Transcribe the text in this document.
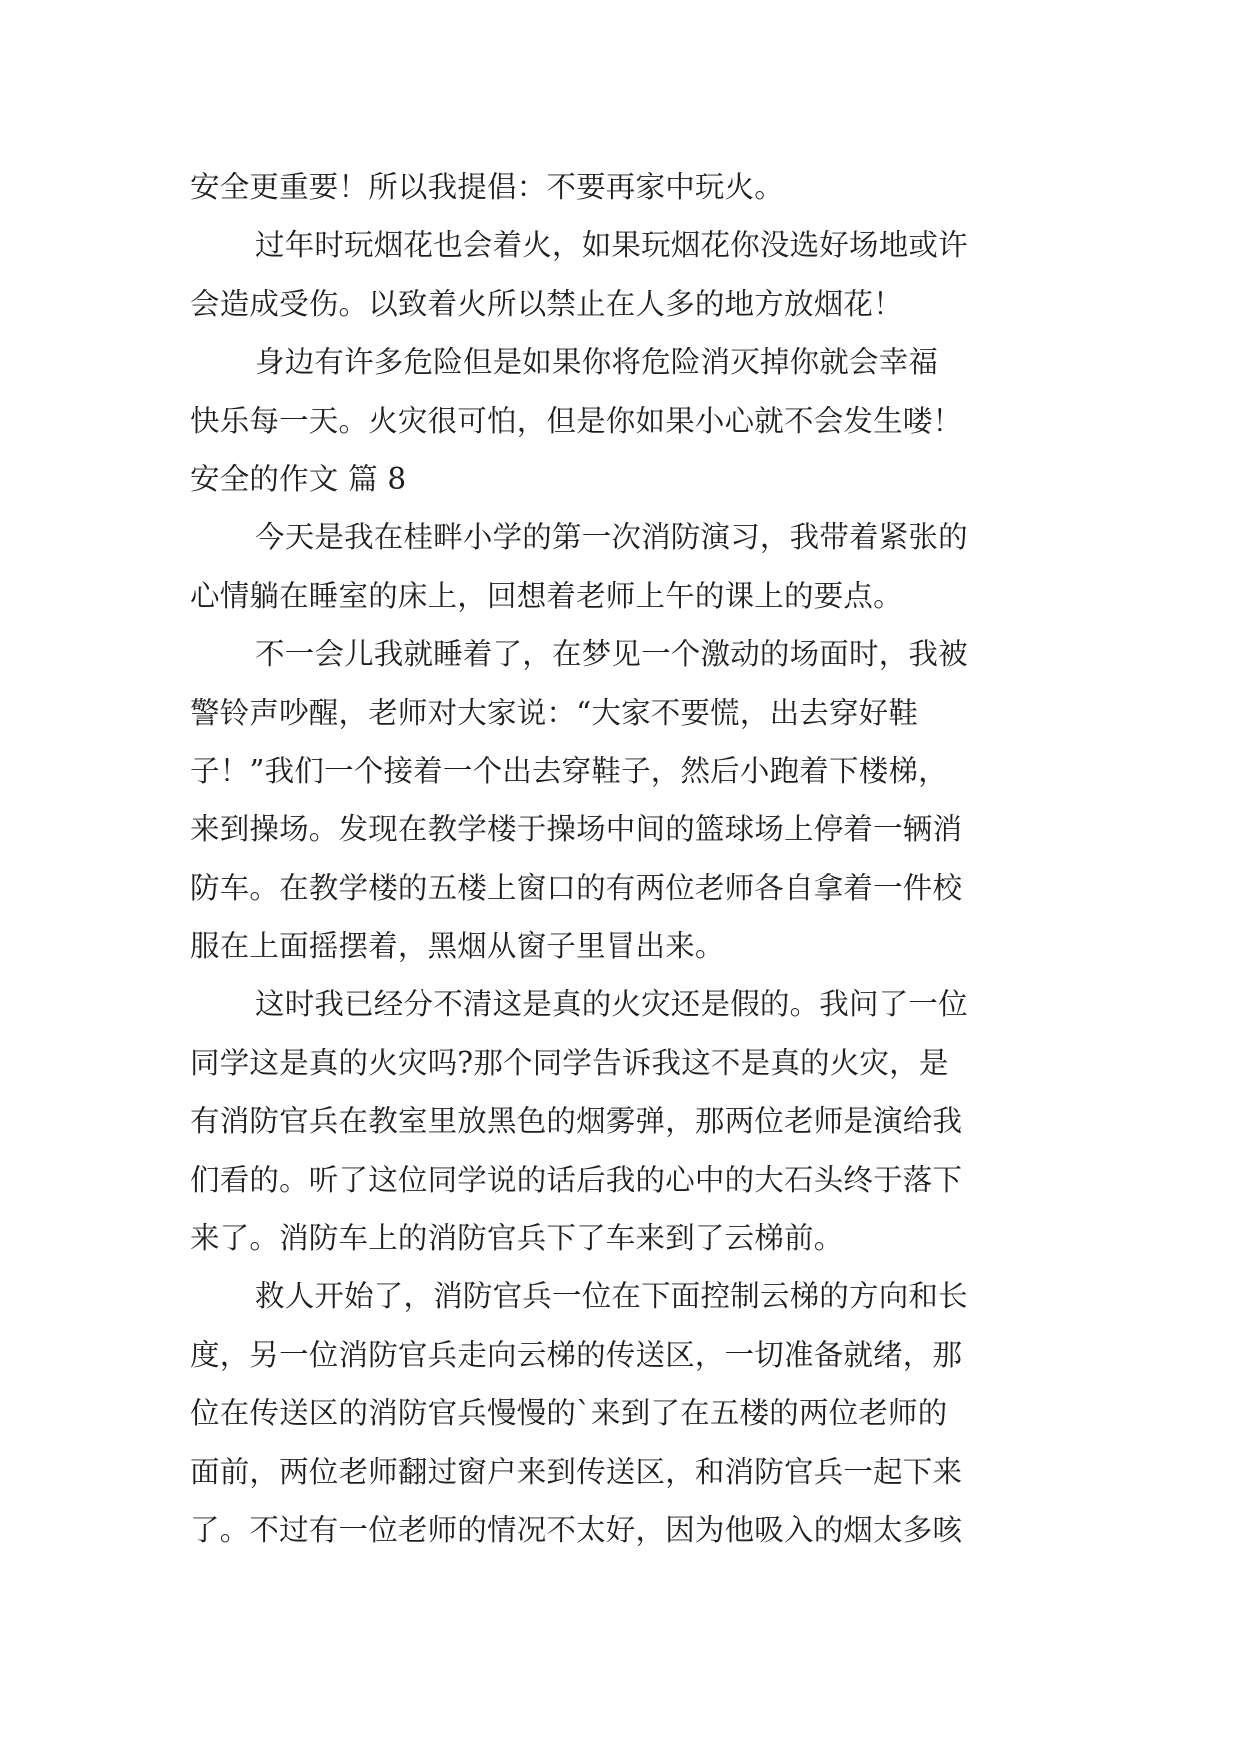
安全更重要！所以我提倡：不要再家中玩火。
过年时玩烟花也会着火，如果玩烟花你没选好场地或许
会造成受伤。以致着火所以禁止在人多的地方放烟花！
身边有许多危险但是如果你将危险消灭掉你就会幸福
快乐每一天。火灾很可怕，但是你如果小心就不会发生喽！
安全的作文 篇 8
今天是我在桂畔小学的第一次消防演习，我带着紧张的
心情躺在睡室的床上，回想着老师上午的课上的要点。
不一会儿我就睡着了，在梦见一个激动的场面时，我被
警铃声吵醒，老师对大家说：“大家不要慌，出去穿好鞋
子！”我们一个接着一个出去穿鞋子，然后小跑着下楼梯，
来到操场。发现在教学楼于操场中间的篮球场上停着一辆消
防车。在教学楼的五楼上窗口的有两位老师各自拿着一件校
服在上面摇摆着，黑烟从窗子里冒出来。
这时我已经分不清这是真的火灾还是假的。我问了一位
同学这是真的火灾吗?那个同学告诉我这不是真的火灾，是
有消防官兵在教室里放黑色的烟雾弹，那两位老师是演给我
们看的。听了这位同学说的话后我的心中的大石头终于落下
来了。消防车上的消防官兵下了车来到了云梯前。
救人开始了，消防官兵一位在下面控制云梯的方向和长
度，另一位消防官兵走向云梯的传送区，一切准备就绪，那
位在传送区的消防官兵慢慢的`来到了在五楼的两位老师的
面前，两位老师翻过窗户来到传送区，和消防官兵一起下来
了。不过有一位老师的情况不太好，因为他吸入的烟太多咳
